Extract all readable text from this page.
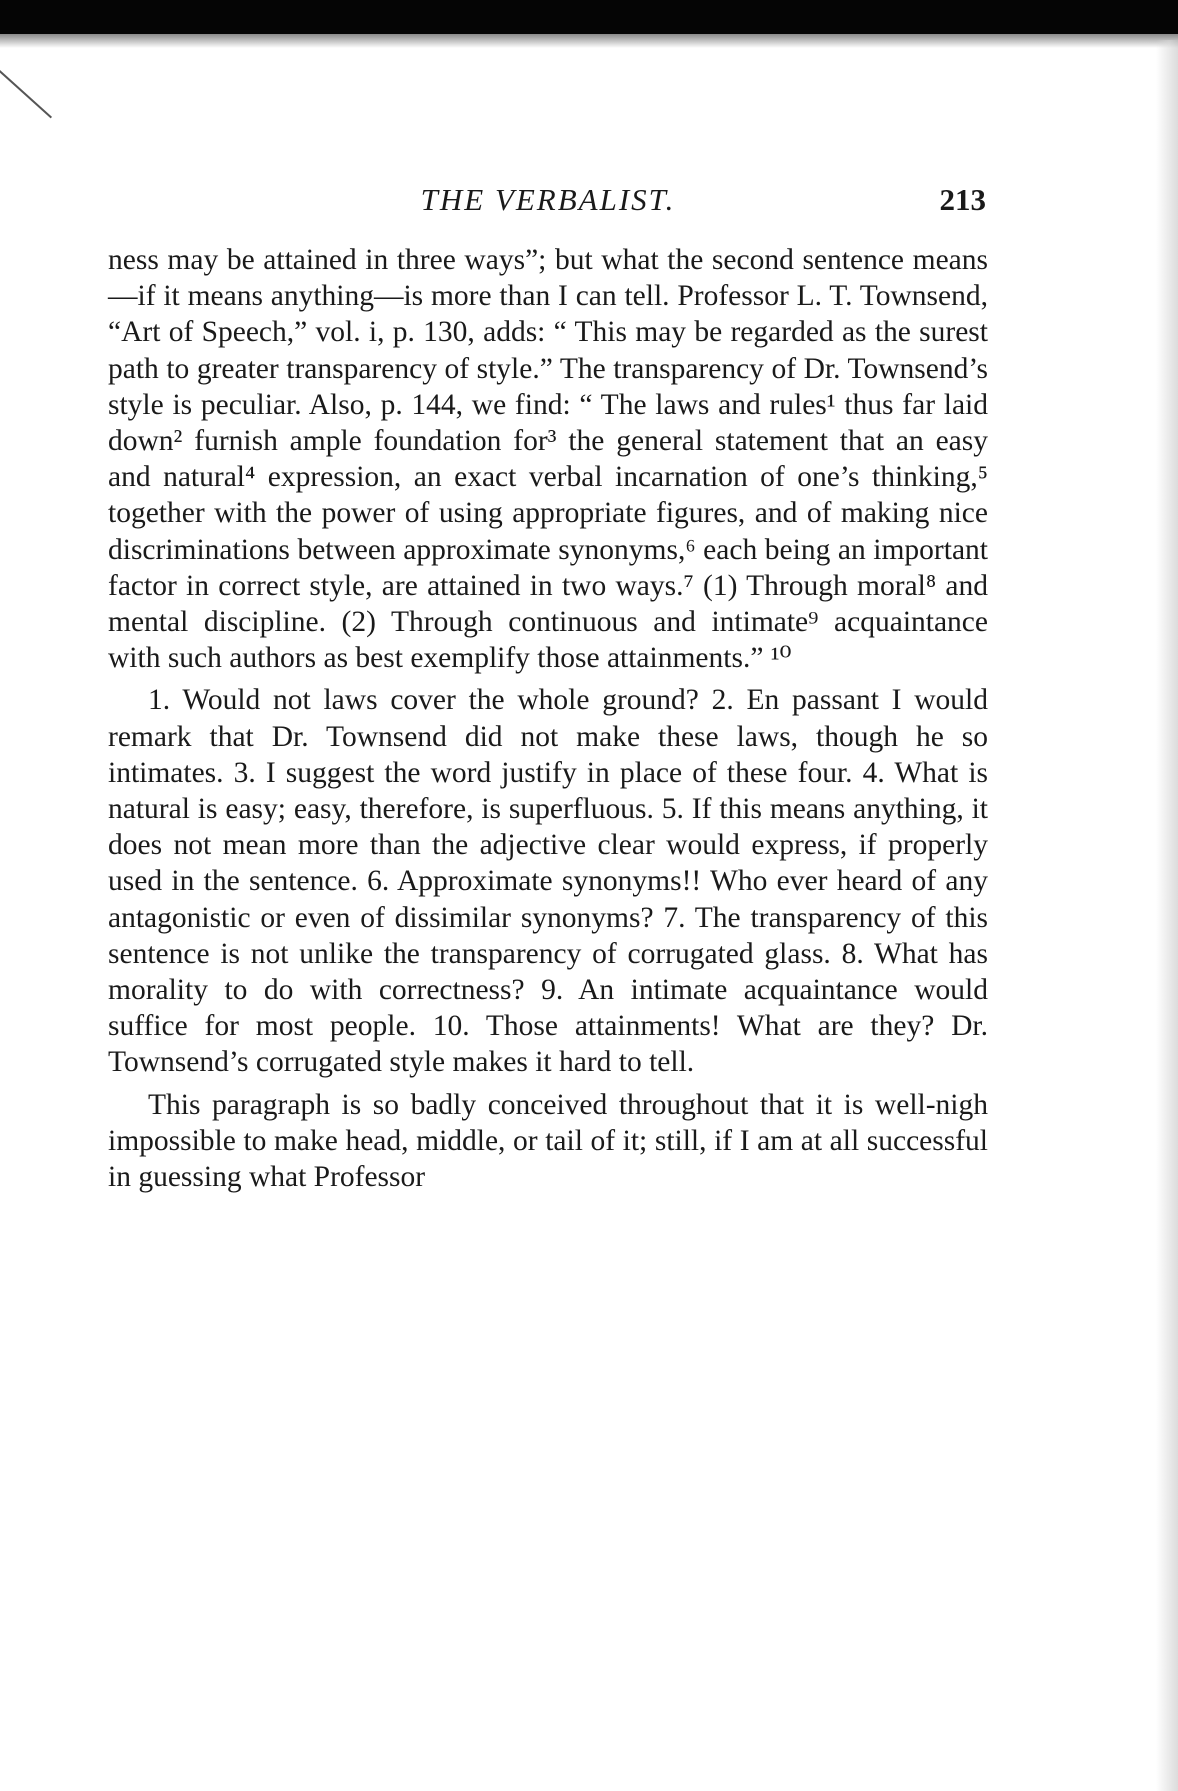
THE VERBALIST.	213

ness may be attained in three ways”; but what the second sentence means—if it means anything—is more than I can tell. Professor L. T. Townsend, “Art of Speech,” vol. i, p. 130, adds: “ This may be regarded as the surest path to greater transparency of style.” The transparency of Dr. Townsend’s style is peculiar. Also, p. 144, we find: “ The laws and rules¹ thus far laid down² furnish ample foundation for³ the general statement that an easy and natural⁴ expression, an exact verbal incarnation of one’s thinking,⁵ together with the power of using appropriate figures, and of making nice discriminations between approximate synonyms,⁶ each being an important factor in correct style, are attained in two ways.⁷ (1) Through moral⁸ and mental discipline. (2) Through continuous and intimate⁹ acquaintance with such authors as best exemplify those attainments.” ¹⁰

1. Would not laws cover the whole ground? 2. En passant I would remark that Dr. Townsend did not make these laws, though he so intimates. 3. I suggest the word justify in place of these four. 4. What is natural is easy; easy, therefore, is superfluous. 5. If this means anything, it does not mean more than the adjective clear would express, if properly used in the sentence. 6. Approximate synonyms!! Who ever heard of any antagonistic or even of dissimilar synonyms? 7. The transparency of this sentence is not unlike the transparency of corrugated glass. 8. What has morality to do with correctness? 9. An intimate acquaintance would suffice for most people. 10. Those attainments! What are they? Dr. Townsend’s corrugated style makes it hard to tell.

This paragraph is so badly conceived throughout that it is well-nigh impossible to make head, middle, or tail of it; still, if I am at all successful in guessing what Professor
